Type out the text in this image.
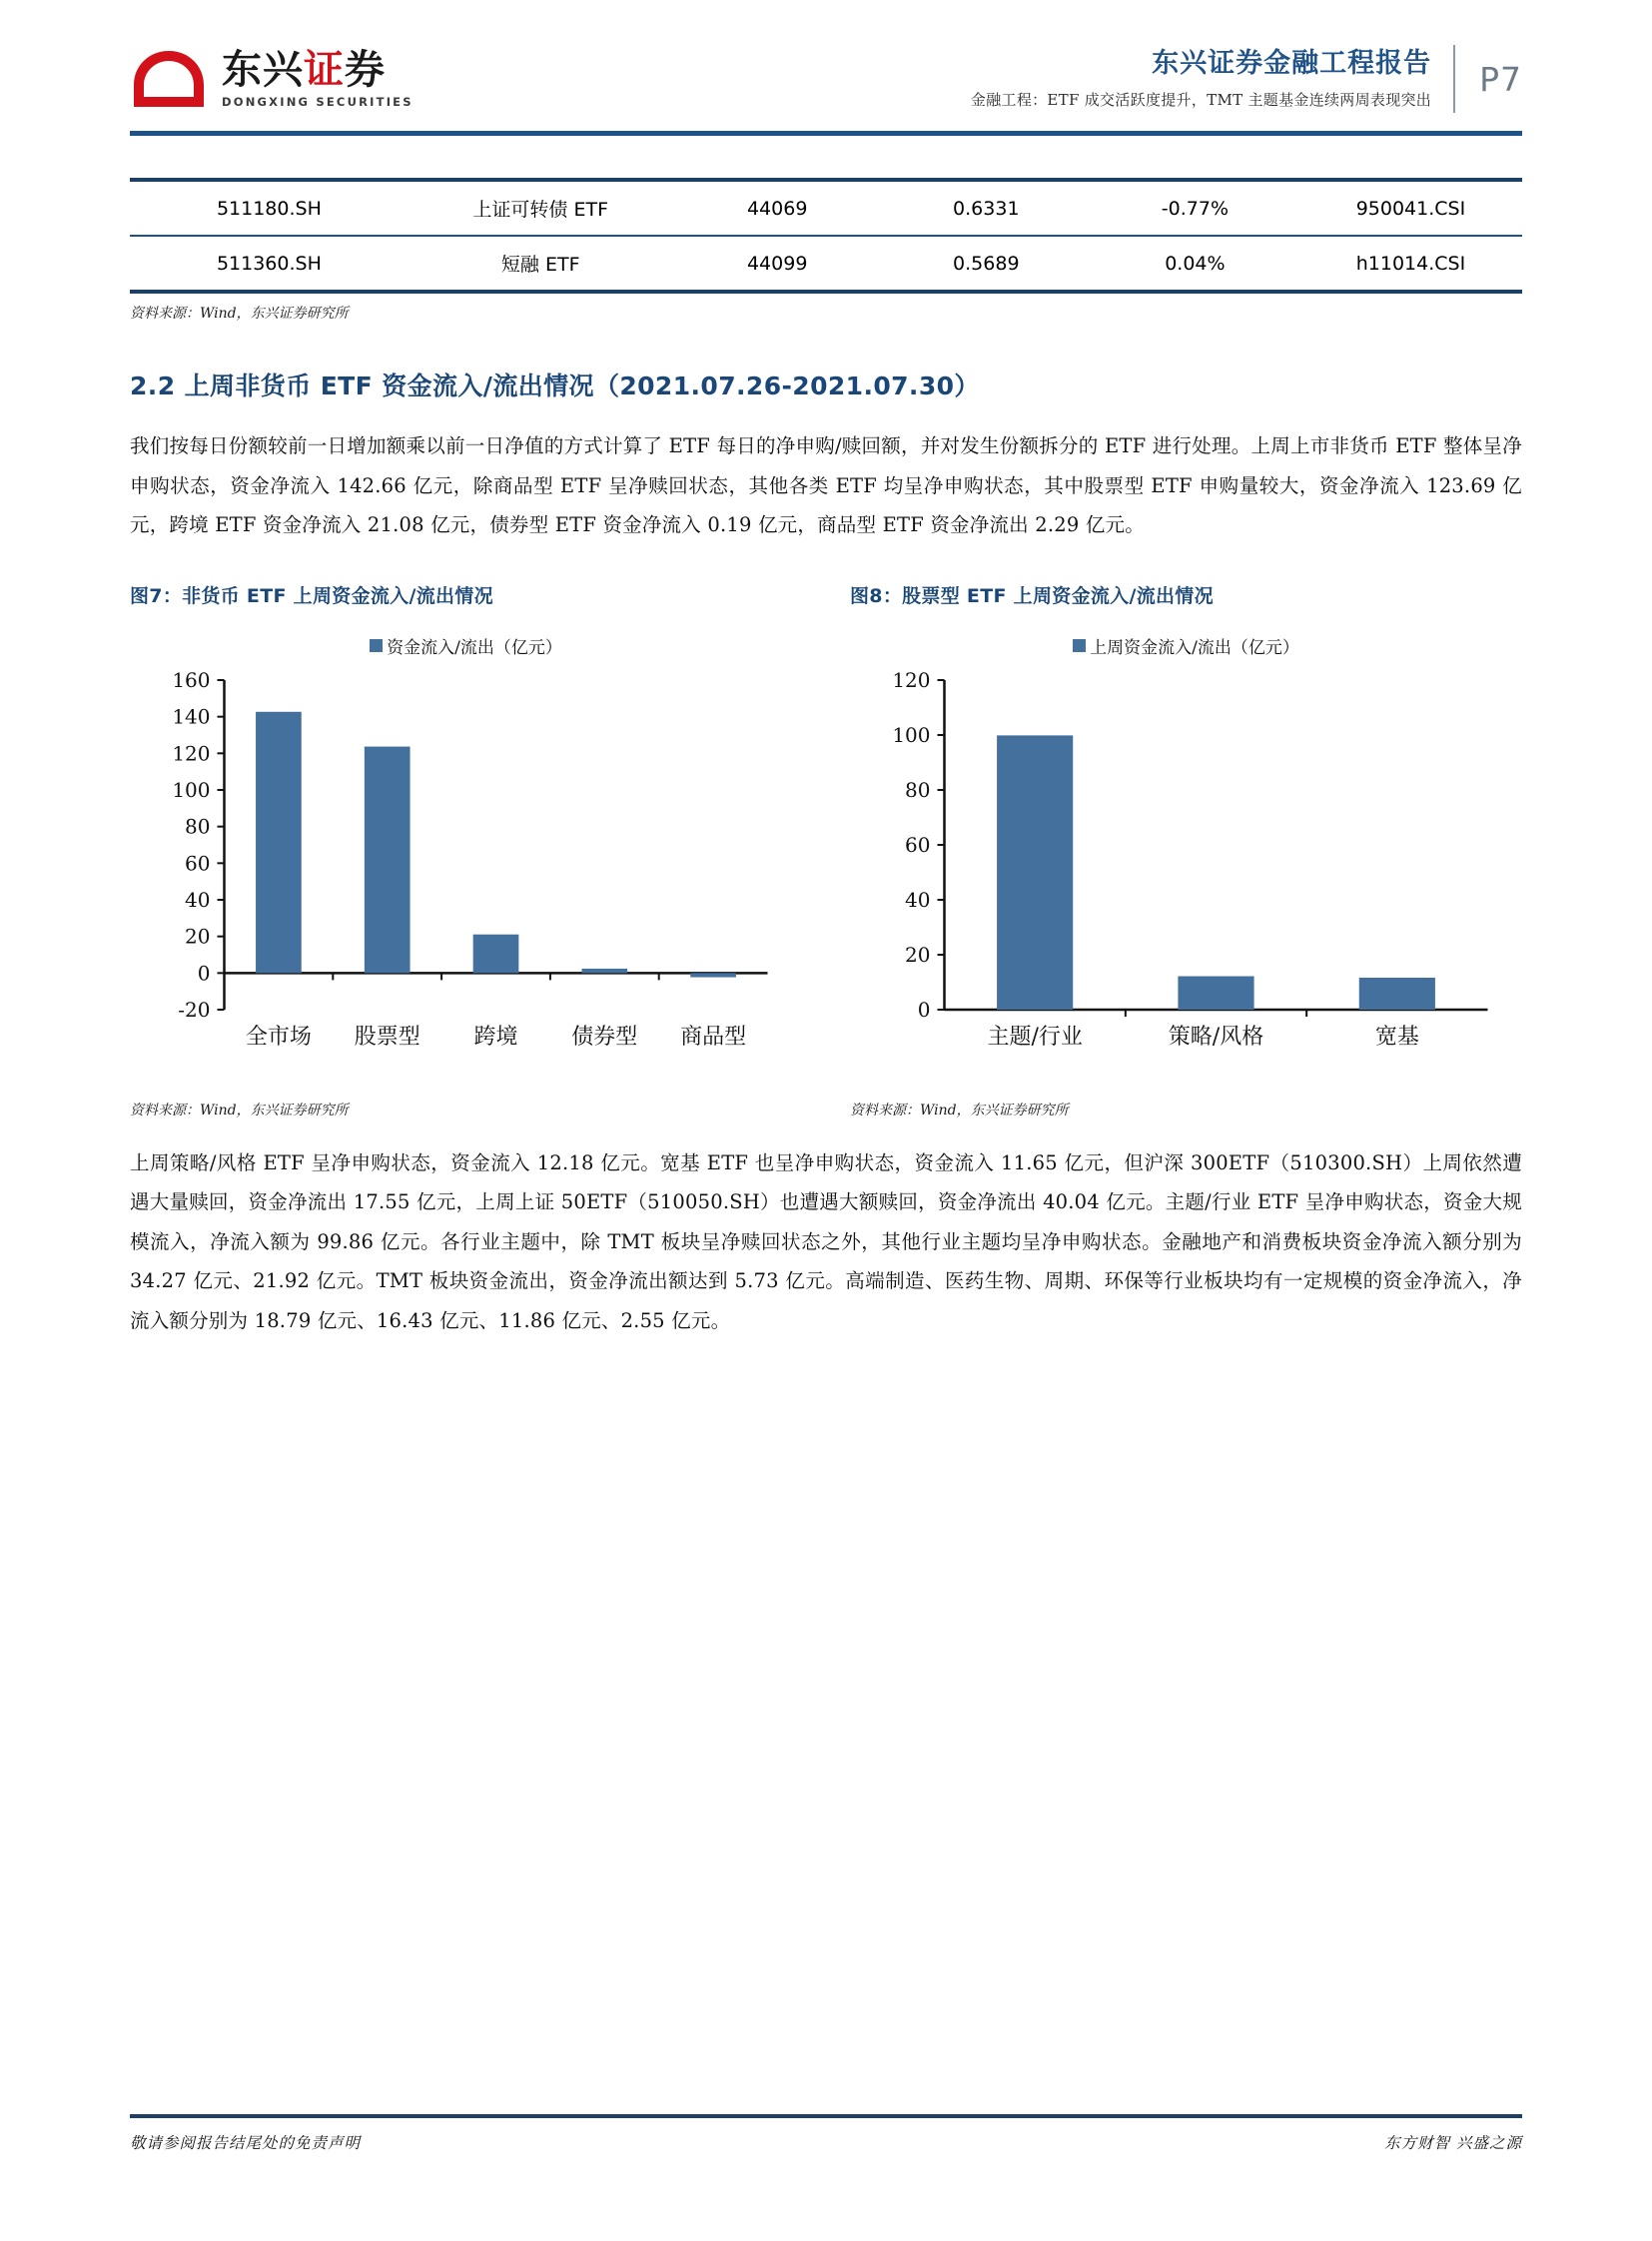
东兴证券
DONGXING SECURITIES
东兴证券金融工程报告
金融工程：ETF 成交活跃度提升，TMT 主题基金连续两周表现突出
P7
511180.SH	上证可转债 ETF	44069	0.6331	-0.77%	950041.CSI
511360.SH	短融 ETF	44099	0.5689	0.04%	h11014.CSI
资料来源：Wind，东兴证券研究所
2.2 上周非货币 ETF 资金流入/流出情况（2021.07.26-2021.07.30）

我们按每日份额较前一日增加额乘以前一日净值的方式计算了 ETF 每日的净申购/赎回额，并对发生份额拆分的 ETF 进行处理。上周上市非货币 ETF 整体呈净申购状态，资金净流入 142.66 亿元，除商品型 ETF 呈净赎回状态，其他各类 ETF 均呈净申购状态，其中股票型 ETF 申购量较大，资金净流入 123.69 亿元，跨境 ETF 资金净流入 21.08 亿元，债券型 ETF 资金净流入 0.19 亿元，商品型 ETF 资金净流出 2.29 亿元。

图7：非货币 ETF 上周资金流入/流出情况
资金流入/流出（亿元）
-20
0
20
40
60
80
100
120
140
160
全市场 股票型 跨境 债券型 商品型
资料来源：Wind，东兴证券研究所
图8：股票型 ETF 上周资金流入/流出情况
上周资金流入/流出（亿元）
0
20
40
60
80
100
120
主题/行业	策略/风格	宽基
资料来源：Wind，东兴证券研究所

上周策略/风格 ETF 呈净申购状态，资金流入 12.18 亿元。宽基 ETF 也呈净申购状态，资金流入 11.65 亿元，但沪深 300ETF（510300.SH）上周依然遭遇大量赎回，资金净流出 17.55 亿元，上周上证 50ETF（510050.SH）也遭遇大额赎回，资金净流出 40.04 亿元。主题/行业 ETF 呈净申购状态，资金大规模流入，净流入额为 99.86 亿元。各行业主题中，除 TMT 板块呈净赎回状态之外，其他行业主题均呈净申购状态。金融地产和消费板块资金净流入额分别为 34.27 亿元、21.92 亿元。TMT 板块资金流出，资金净流出额达到 5.73 亿元。高端制造、医药生物、周期、环保等行业板块均有一定规模的资金净流入，净流入额分别为 18.79 亿元、16.43 亿元、11.86 亿元、2.55 亿元。

敬请参阅报告结尾处的免责声明	东方财智 兴盛之源
